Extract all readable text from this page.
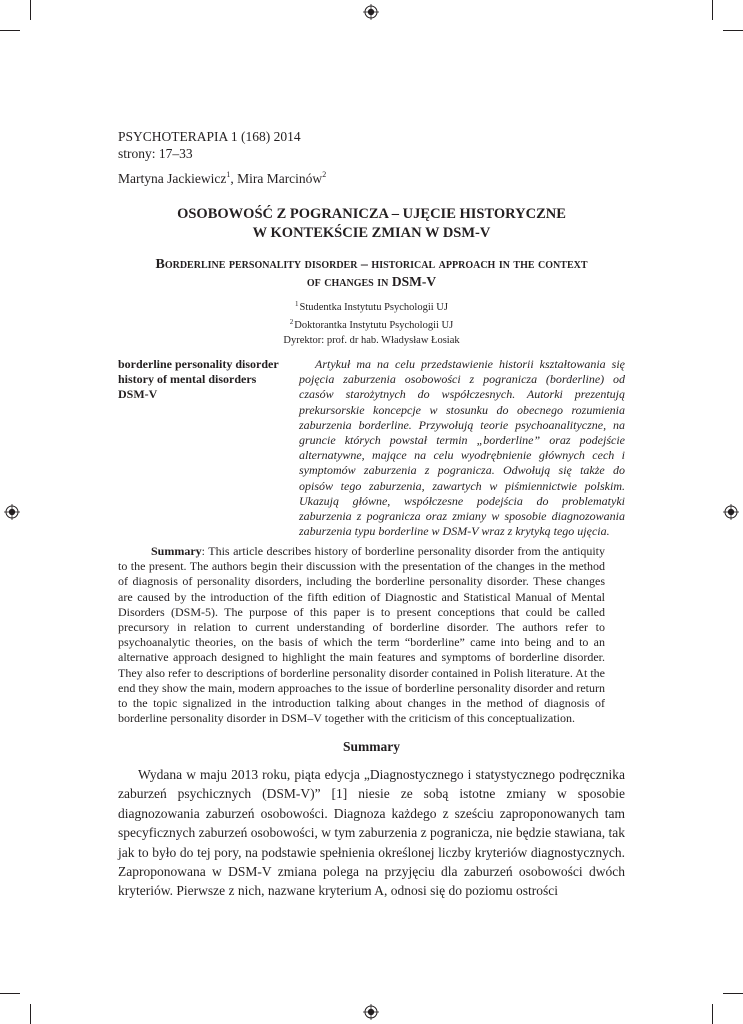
PSYCHOTERAPIA 1 (168) 2014
strony: 17–33
Martyna Jackiewicz$^1$, Mira Marcinów$^2$
OSOBOWOŚĆ Z POGRANICZA – UJĘCIE HISTORYCZNE
W KONTEKŚCIE ZMIAN W DSM-V
Borderline personality disorder – historical approach in the context
of changes in DSM-V
$^1$Studentka Instytutu Psychologii UJ
$^2$Doktorantka Instytutu Psychologii UJ
Dyrektor: prof. dr hab. Władysław Łosiak
borderline personality disorder
history of mental disorders
DSM-V
Artykuł ma na celu przedstawienie historii kształtowania się pojęcia zaburzenia osobowości z pogranicza (borderline) od czasów starożytnych do współczesnych. Autorki prezentują prekursorskie koncepcje w stosunku do obecnego rozumienia zaburzenia borderline. Przywołują teorie psychoanalityczne, na gruncie których powstał termin „borderline” oraz podejście alternatywne, mające na celu wyodrębnienie głównych cech i symptomów zaburzenia z pogranicza. Odwołują się także do opisów tego zaburzenia, zawartych w piśmiennictwie polskim. Ukazują główne, współczesne podejścia do problematyki zaburzenia z pogranicza oraz zmiany w sposobie diagnozowania zaburzenia typu borderline w DSM-V wraz z krytyką tego ujęcia.
Summary: This article describes history of borderline personality disorder from the antiquity to the present. The authors begin their discussion with the presentation of the changes in the method of diagnosis of personality disorders, including the borderline personality disorder. These changes are caused by the introduction of the fifth edition of Diagnostic and Statistical Manual of Mental Disorders (DSM-5). The purpose of this paper is to present conceptions that could be called precursory in relation to current understanding of borderline disorder. The authors refer to psychoanalytic theories, on the basis of which the term “borderline” came into being and to an alternative approach designed to highlight the main features and symptoms of borderline disorder. They also refer to descriptions of borderline personality disorder contained in Polish literature. At the end they show the main, modern approaches to the issue of borderline personality disorder and return to the topic signalized in the introduction talking about changes in the method of diagnosis of borderline personality disorder in DSM–V together with the criticism of this conceptualization.
Summary
Wydana w maju 2013 roku, piąta edycja „Diagnostycznego i statystycznego podręcznika zaburzeń psychicznych (DSM-V)” [1] niesie ze sobą istotne zmiany w sposobie diagnozowania zaburzeń osobowości. Diagnoza każdego z sześciu zaproponowanych tam specyficznych zaburzeń osobowości, w tym zaburzenia z pogranicza, nie będzie stawiana, tak jak to było do tej pory, na podstawie spełnienia określonej liczby kryteriów diagnostycznych. Zaproponowana w DSM-V zmiana polega na przyjęciu dla zaburzeń osobowości dwóch kryteriów. Pierwsze z nich, nazwane kryterium A, odnosi się do poziomu ostrości
